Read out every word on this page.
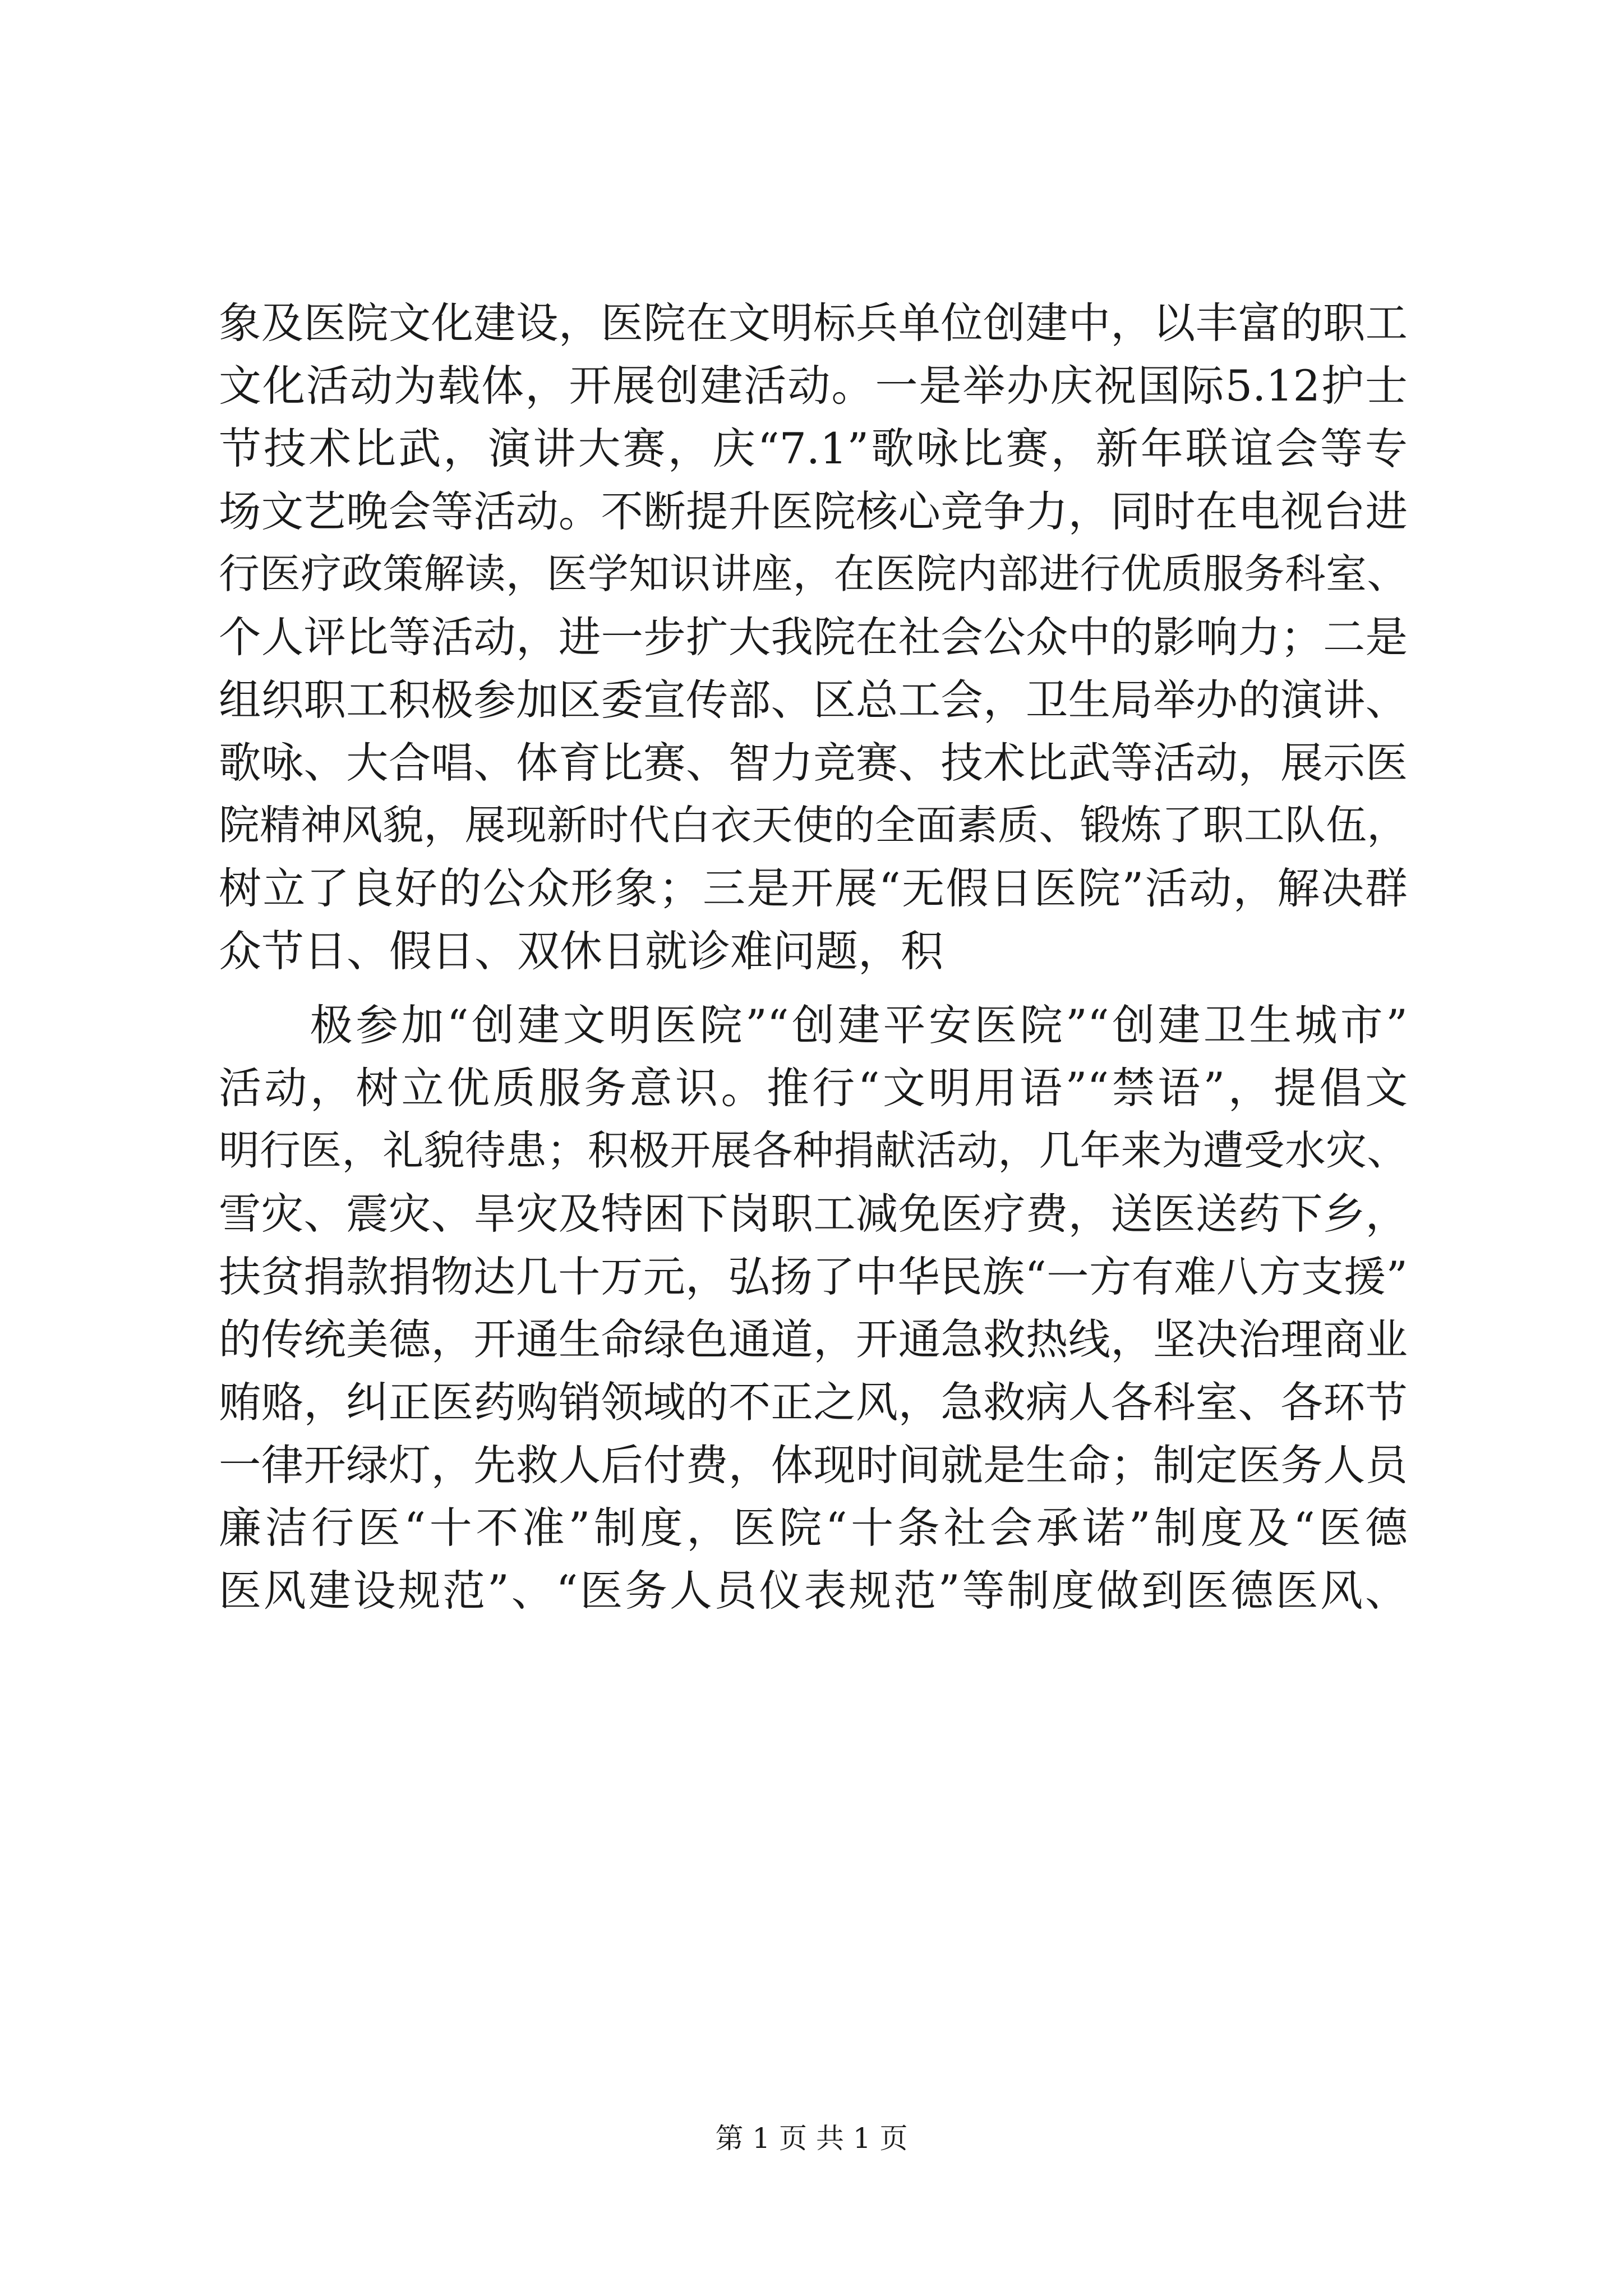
象及医院文化建设，医院在文明标兵单位创建中，以丰富的职工
文化活动为载体，开展创建活动。一是举办庆祝国际5.12护士
节技术比武，演讲大赛，庆“7.1”歌咏比赛，新年联谊会等专
场文艺晚会等活动。不断提升医院核心竞争力，同时在电视台进
行医疗政策解读，医学知识讲座，在医院内部进行优质服务科室、
个人评比等活动，进一步扩大我院在社会公众中的影响力；二是
组织职工积极参加区委宣传部、区总工会，卫生局举办的演讲、
歌咏、大合唱、体育比赛、智力竞赛、技术比武等活动，展示医
院精神风貌，展现新时代白衣天使的全面素质、锻炼了职工队伍，
树立了良好的公众形象；三是开展“无假日医院”活动，解决群
众节日、假日、双休日就诊难问题，积
　　极参加“创建文明医院”“创建平安医院”“创建卫生城市”
活动，树立优质服务意识。推行“文明用语”“禁语”，提倡文
明行医，礼貌待患；积极开展各种捐献活动，几年来为遭受水灾、
雪灾、震灾、旱灾及特困下岗职工减免医疗费，送医送药下乡，
扶贫捐款捐物达几十万元，弘扬了中华民族“一方有难八方支援”
的传统美德，开通生命绿色通道，开通急救热线，坚决治理商业
贿赂，纠正医药购销领域的不正之风，急救病人各科室、各环节
一律开绿灯，先救人后付费，体现时间就是生命；制定医务人员
廉洁行医“十不准”制度，医院“十条社会承诺”制度及“医德
医风建设规范”、“医务人员仪表规范”等制度做到医德医风、
第 1 页 共 1 页
